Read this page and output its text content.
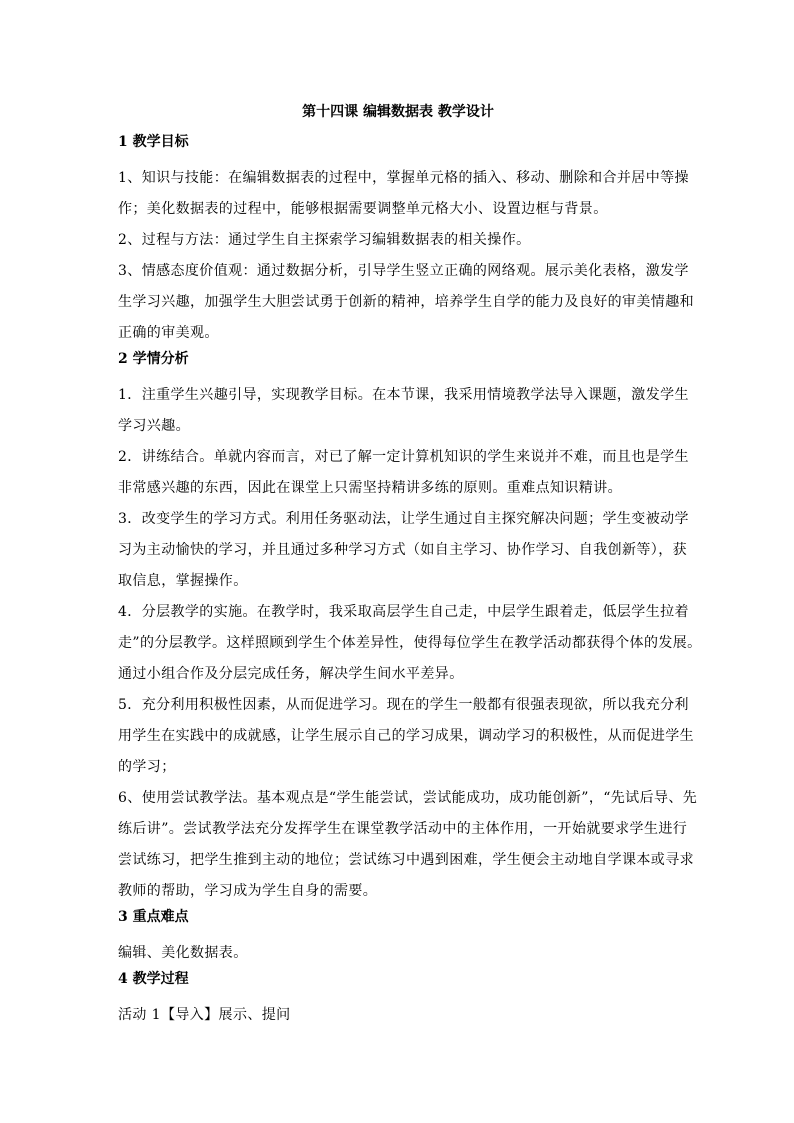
第十四课 编辑数据表 教学设计
1 教学目标

1、知识与技能：在编辑数据表的过程中，掌握单元格的插入、移动、删除和合并居中等操
作；美化数据表的过程中，能够根据需要调整单元格大小、设置边框与背景。

2、过程与方法：通过学生自主探索学习编辑数据表的相关操作。

3、情感态度价值观：通过数据分析，引导学生竖立正确的网络观。展示美化表格，激发学
生学习兴趣，加强学生大胆尝试勇于创新的精神，培养学生自学的能力及良好的审美情趣和
正确的审美观。

2 学情分析

1．注重学生兴趣引导，实现教学目标。在本节课，我采用情境教学法导入课题，激发学生
学习兴趣。

2．讲练结合。单就内容而言，对已了解一定计算机知识的学生来说并不难，而且也是学生
非常感兴趣的东西，因此在课堂上只需坚持精讲多练的原则。重难点知识精讲。

3．改变学生的学习方式。利用任务驱动法，让学生通过自主探究解决问题；学生变被动学
习为主动愉快的学习，并且通过多种学习方式（如自主学习、协作学习、自我创新等），获
取信息，掌握操作。

4．分层教学的实施。在教学时，我采取高层学生自己走，中层学生跟着走，低层学生拉着
走”的分层教学。这样照顾到学生个体差异性，使得每位学生在教学活动都获得个体的发展。
通过小组合作及分层完成任务，解决学生间水平差异。

5．充分利用积极性因素，从而促进学习。现在的学生一般都有很强表现欲，所以我充分利
用学生在实践中的成就感，让学生展示自己的学习成果，调动学习的积极性，从而促进学生
的学习；

6、使用尝试教学法。基本观点是“学生能尝试，尝试能成功，成功能创新”，“先试后导、先
练后讲”。尝试教学法充分发挥学生在课堂教学活动中的主体作用，一开始就要求学生进行
尝试练习，把学生推到主动的地位；尝试练习中遇到困难，学生便会主动地自学课本或寻求
教师的帮助，学习成为学生自身的需要。

3 重点难点

编辑、美化数据表。

4 教学过程

活动 1【导入】展示、提问
